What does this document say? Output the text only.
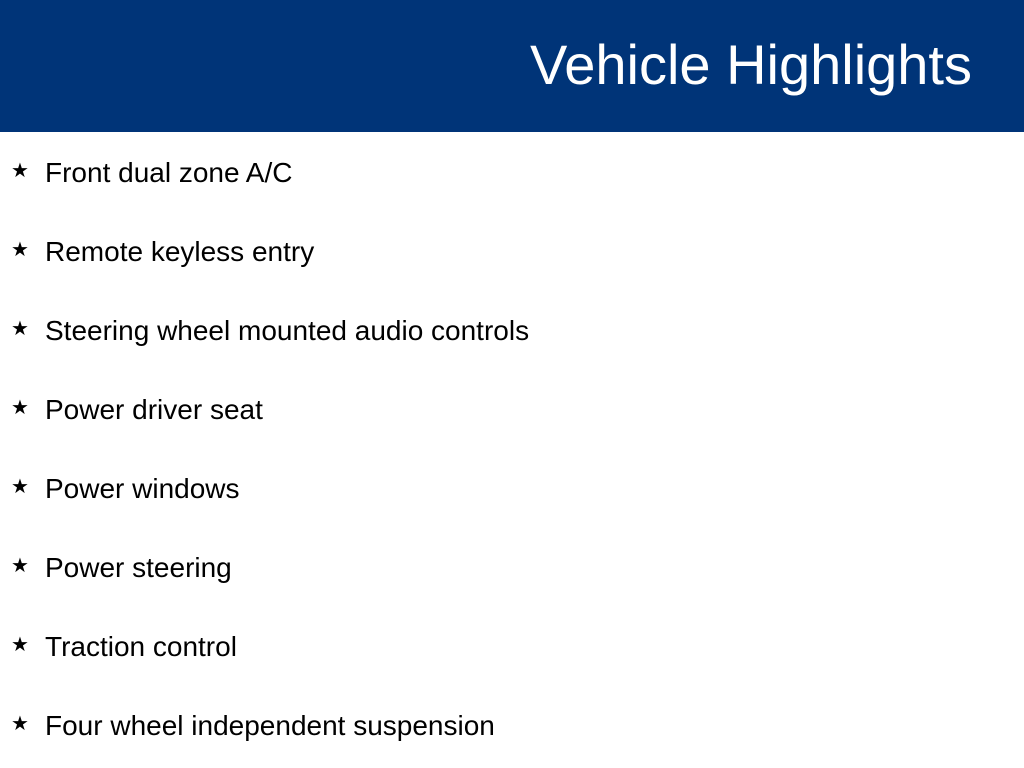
Vehicle Highlights
★ Front dual zone A/C
★ Remote keyless entry
★ Steering wheel mounted audio controls
★ Power driver seat
★ Power windows
★ Power steering
★ Traction control
★ Four wheel independent suspension
